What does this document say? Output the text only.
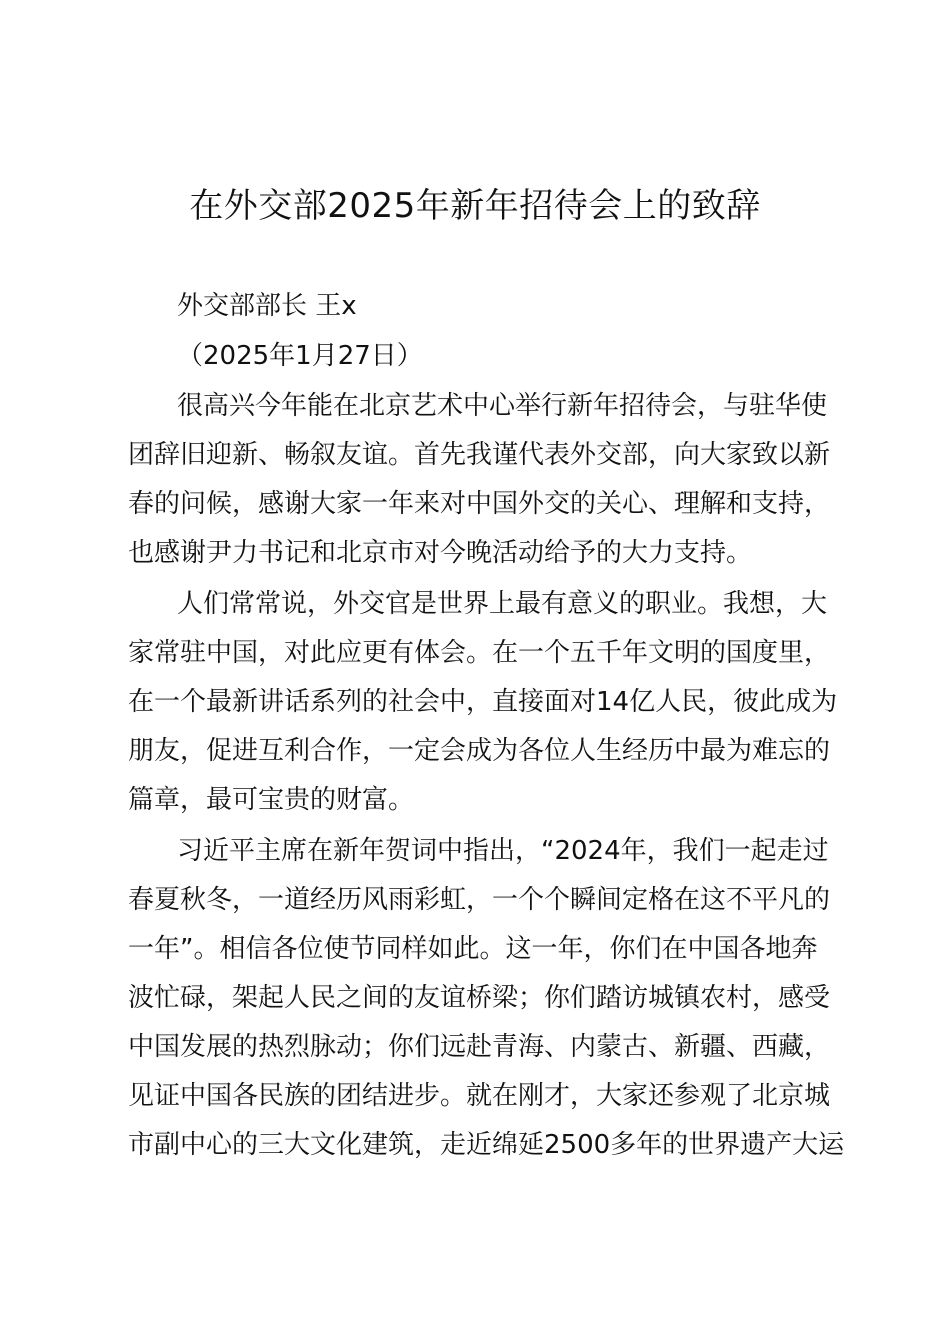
在外交部2025年新年招待会上的致辞
外交部部长 王x
（2025年1月27日）
很高兴今年能在北京艺术中心举行新年招待会，与驻华使
团辞旧迎新、畅叙友谊。首先我谨代表外交部，向大家致以新
春的问候，感谢大家一年来对中国外交的关心、理解和支持，
也感谢尹力书记和北京市对今晚活动给予的大力支持。
人们常常说，外交官是世界上最有意义的职业。我想，大
家常驻中国，对此应更有体会。在一个五千年文明的国度里，
在一个最新讲话系列的社会中，直接面对14亿人民，彼此成为
朋友，促进互利合作，一定会成为各位人生经历中最为难忘的
篇章，最可宝贵的财富。
习近平主席在新年贺词中指出，“2024年，我们一起走过
春夏秋冬，一道经历风雨彩虹，一个个瞬间定格在这不平凡的
一年”。相信各位使节同样如此。这一年，你们在中国各地奔
波忙碌，架起人民之间的友谊桥梁；你们踏访城镇农村，感受
中国发展的热烈脉动；你们远赴青海、内蒙古、新疆、西藏，
见证中国各民族的团结进步。就在刚才，大家还参观了北京城
市副中心的三大文化建筑，走近绵延2500多年的世界遗产大运
